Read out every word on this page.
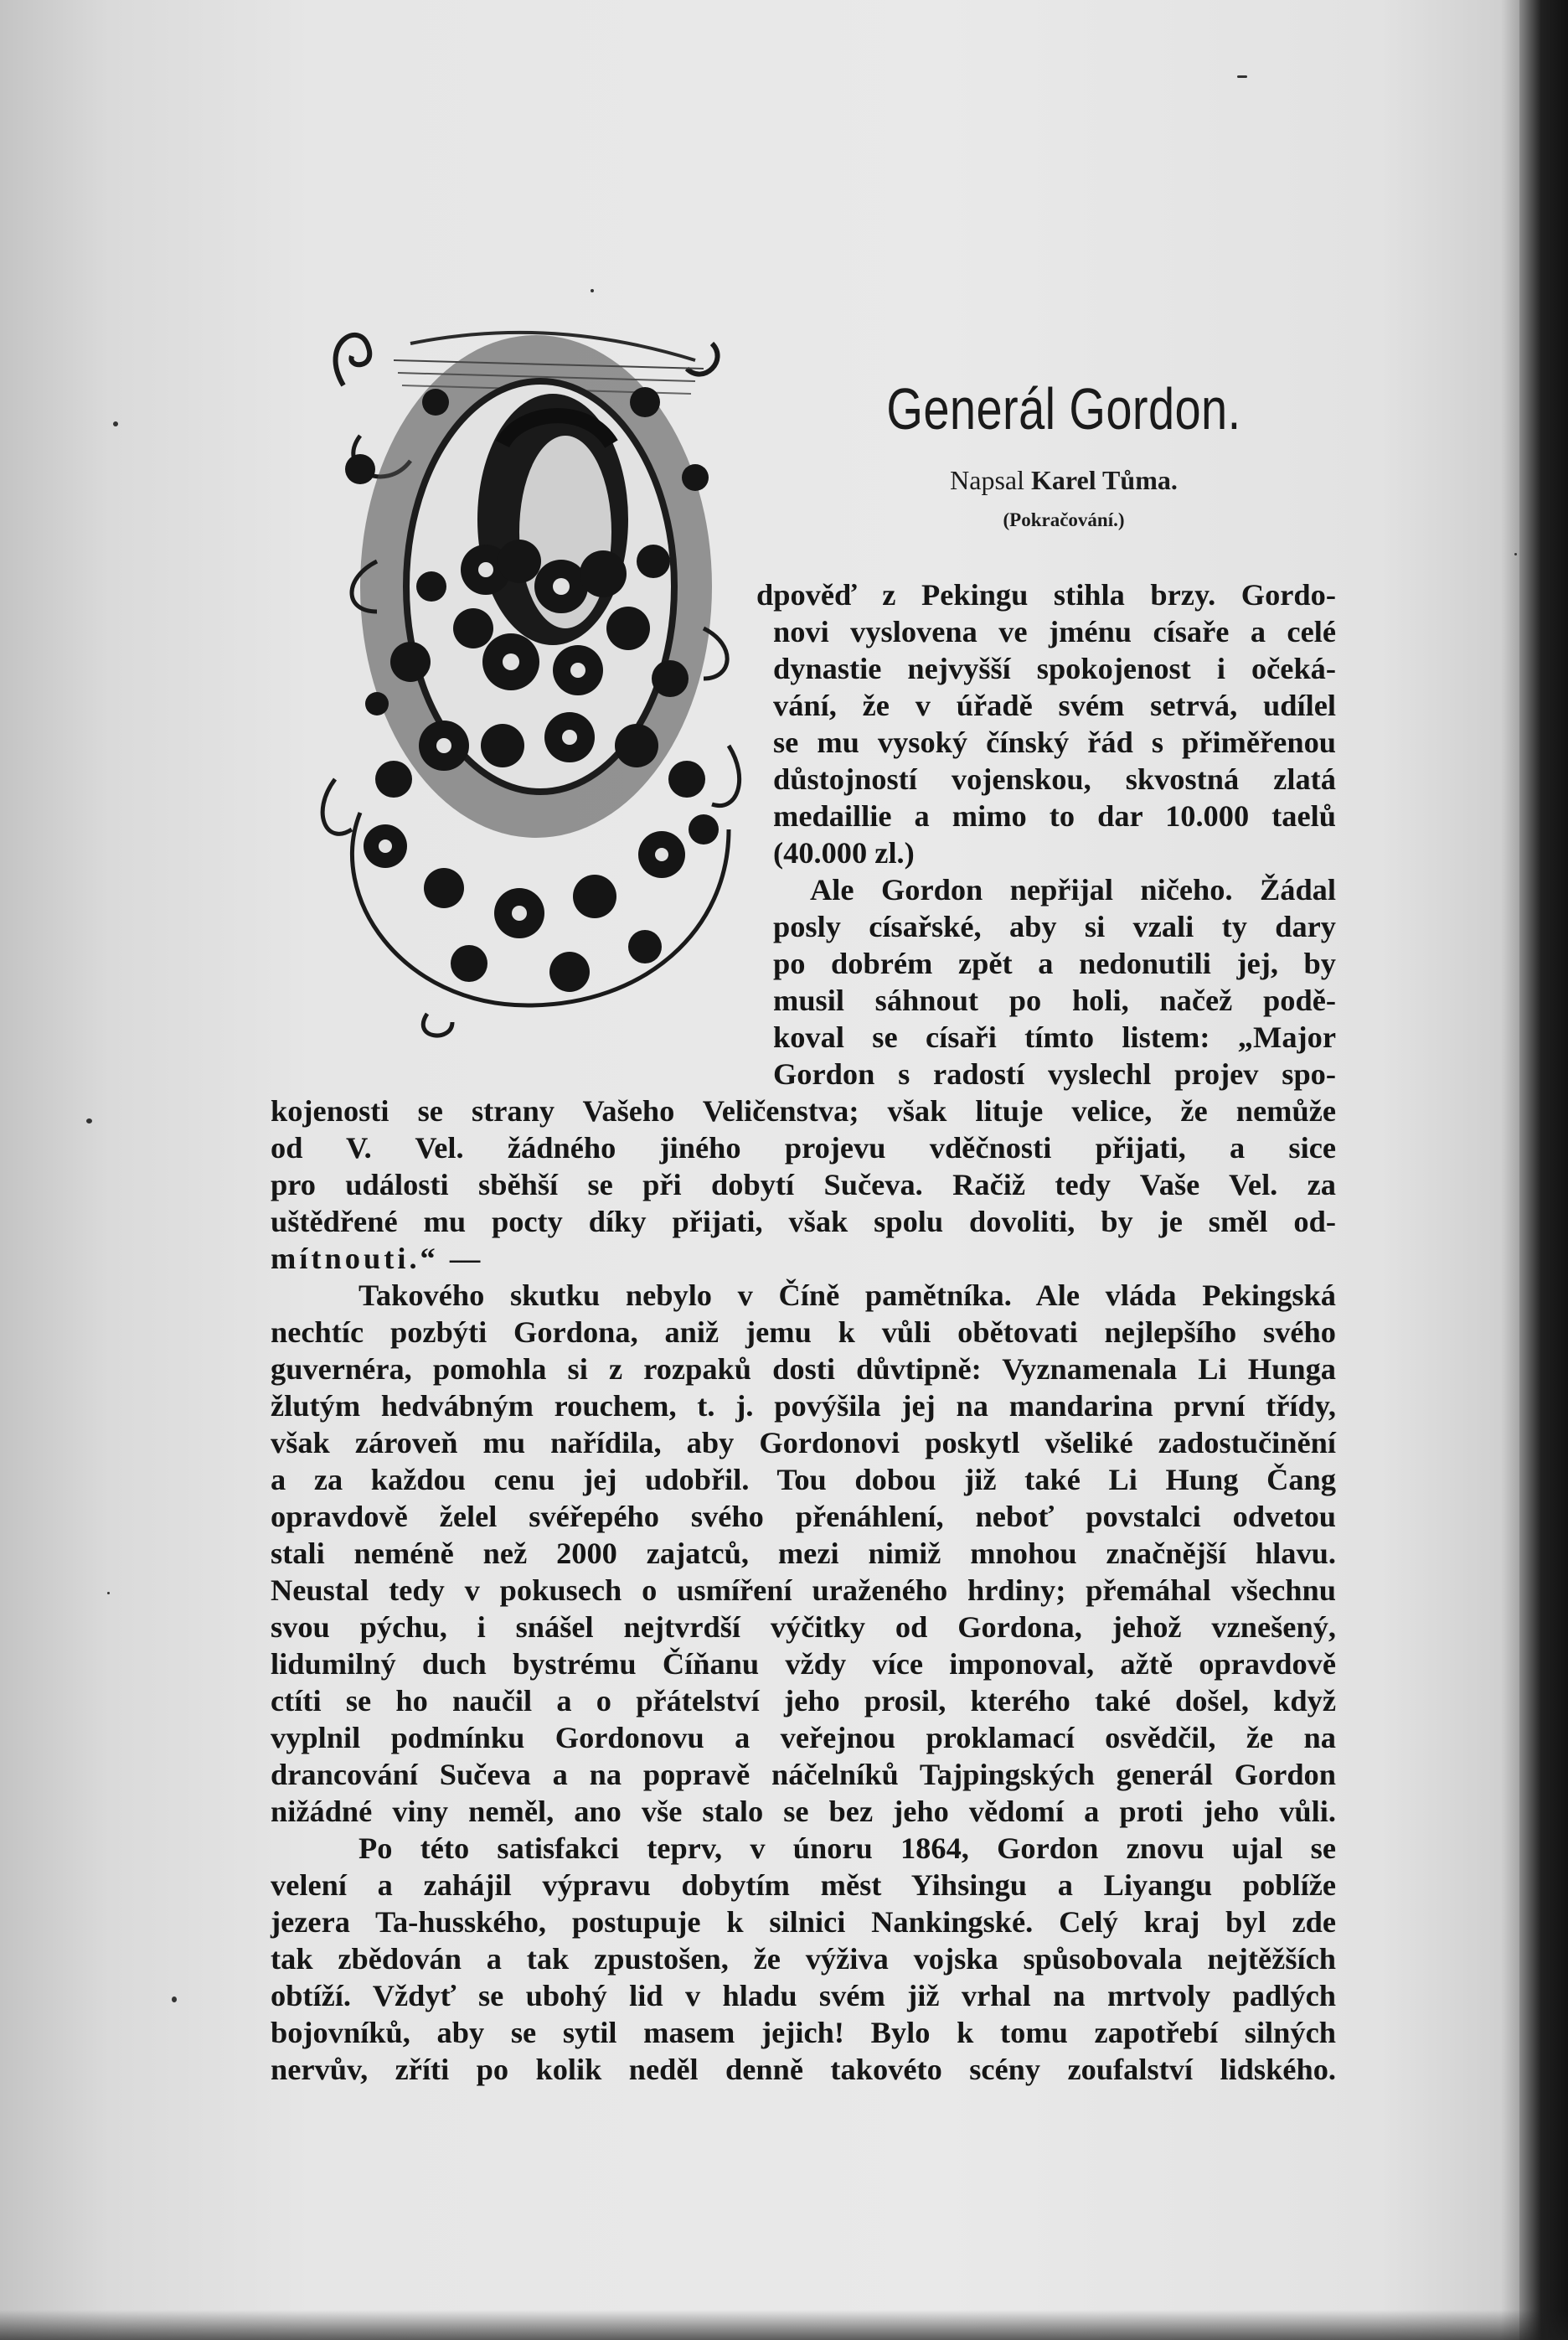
Generál Gordon.
Napsal Karel Tůma.
(Pokračování.)
dpověď z Pekingu stihla brzy. Gordo-
novi vyslovena ve jménu císaře a celé
dynastie nejvyšší spokojenost i očeká-
vání, že v úřadě svém setrvá, udílel
se mu vysoký čínský řád s přiměřenou
důstojností vojenskou, skvostná zlatá
medaillie a mimo to dar 10.000 taelů
(40.000 zl.)
Ale Gordon nepřijal ničeho. Žádal
posly císařské, aby si vzali ty dary
po dobrém zpět a nedonutili jej, by
musil sáhnout po holi, načež podě-
koval se císaři tímto listem: „Major
Gordon s radostí vyslechl projev spo-
kojenosti se strany Vašeho Veličenstva; však lituje velice, že nemůže
od V. Vel. žádného jiného projevu vděčnosti přijati, a sice
pro události sběhší se při dobytí Sučeva. Račiž tedy Vaše Vel. za
uštědřené mu pocty díky přijati, však spolu dovoliti, by je směl od-
mítnouti.“ —
Takového skutku nebylo v Číně pamětníka. Ale vláda Pekingská
nechtíc pozbýti Gordona, aniž jemu k vůli obětovati nejlepšího svého
guvernéra, pomohla si z rozpaků dosti důvtipně: Vyznamenala Li Hunga
žlutým hedvábným rouchem, t. j. povýšila jej na mandarina první třídy,
však zároveň mu nařídila, aby Gordonovi poskytl všeliké zadostučinění
a za každou cenu jej udobřil. Tou dobou již také Li Hung Čang
opravdově želel svéřepého svého přenáhlení, neboť povstalci odvetou
stali neméně než 2000 zajatců, mezi nimiž mnohou značnější hlavu.
Neustal tedy v pokusech o usmíření uraženého hrdiny; přemáhal všechnu
svou pýchu, i snášel nejtvrdší výčitky od Gordona, jehož vznešený,
lidumilný duch bystrému Číňanu vždy více imponoval, ažtě opravdově
ctíti se ho naučil a o přátelství jeho prosil, kterého také došel, když
vyplnil podmínku Gordonovu a veřejnou proklamací osvědčil, že na
drancování Sučeva a na popravě náčelníků Tajpingských generál Gordon
nižádné viny neměl, ano vše stalo se bez jeho vědomí a proti jeho vůli.
Po této satisfakci teprv, v únoru 1864, Gordon znovu ujal se
velení a zahájil výpravu dobytím měst Yihsingu a Liyangu poblíže
jezera Ta-husského, postupuje k silnici Nankingské. Celý kraj byl zde
tak zbědován a tak zpustošen, že výživa vojska spůsobovala nejtěžších
obtíží. Vždyť se ubohý lid v hladu svém již vrhal na mrtvoly padlých
bojovníků, aby se sytil masem jejich! Bylo k tomu zapotřebí silných
nervův, zříti po kolik neděl denně takovéto scény zoufalství lidského.
